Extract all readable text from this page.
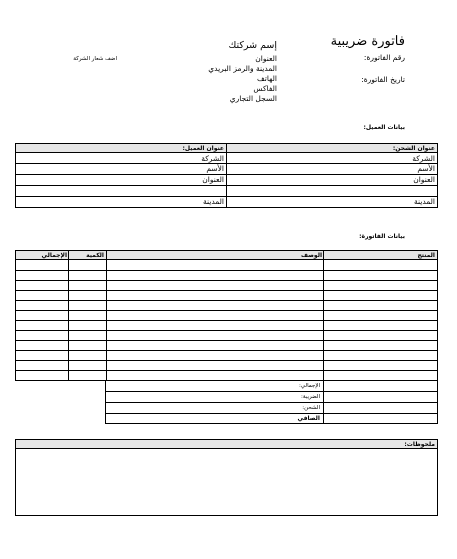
فاتورة ضريبية
رقم الفاتورة:
تاريخ الفاتورة:
إسم شركتك
اضف شعار الشركة	العنوان
المدينة والرمز البريدي
الهاتف
الفاكس
السجل التجاري
بيانات العميل:
عنوان الشحن:
عنوان العميل:
الشركة
الأسم
العنوان
المدينة
الشركة
الأسم
العنوان
المدينة
بيانات الفاتورة:
المنتج
الوصف
الكمية
الإجمالي
الإجمالي:
الضريبة:
الشحن:
الصافي
ملحوظات:
